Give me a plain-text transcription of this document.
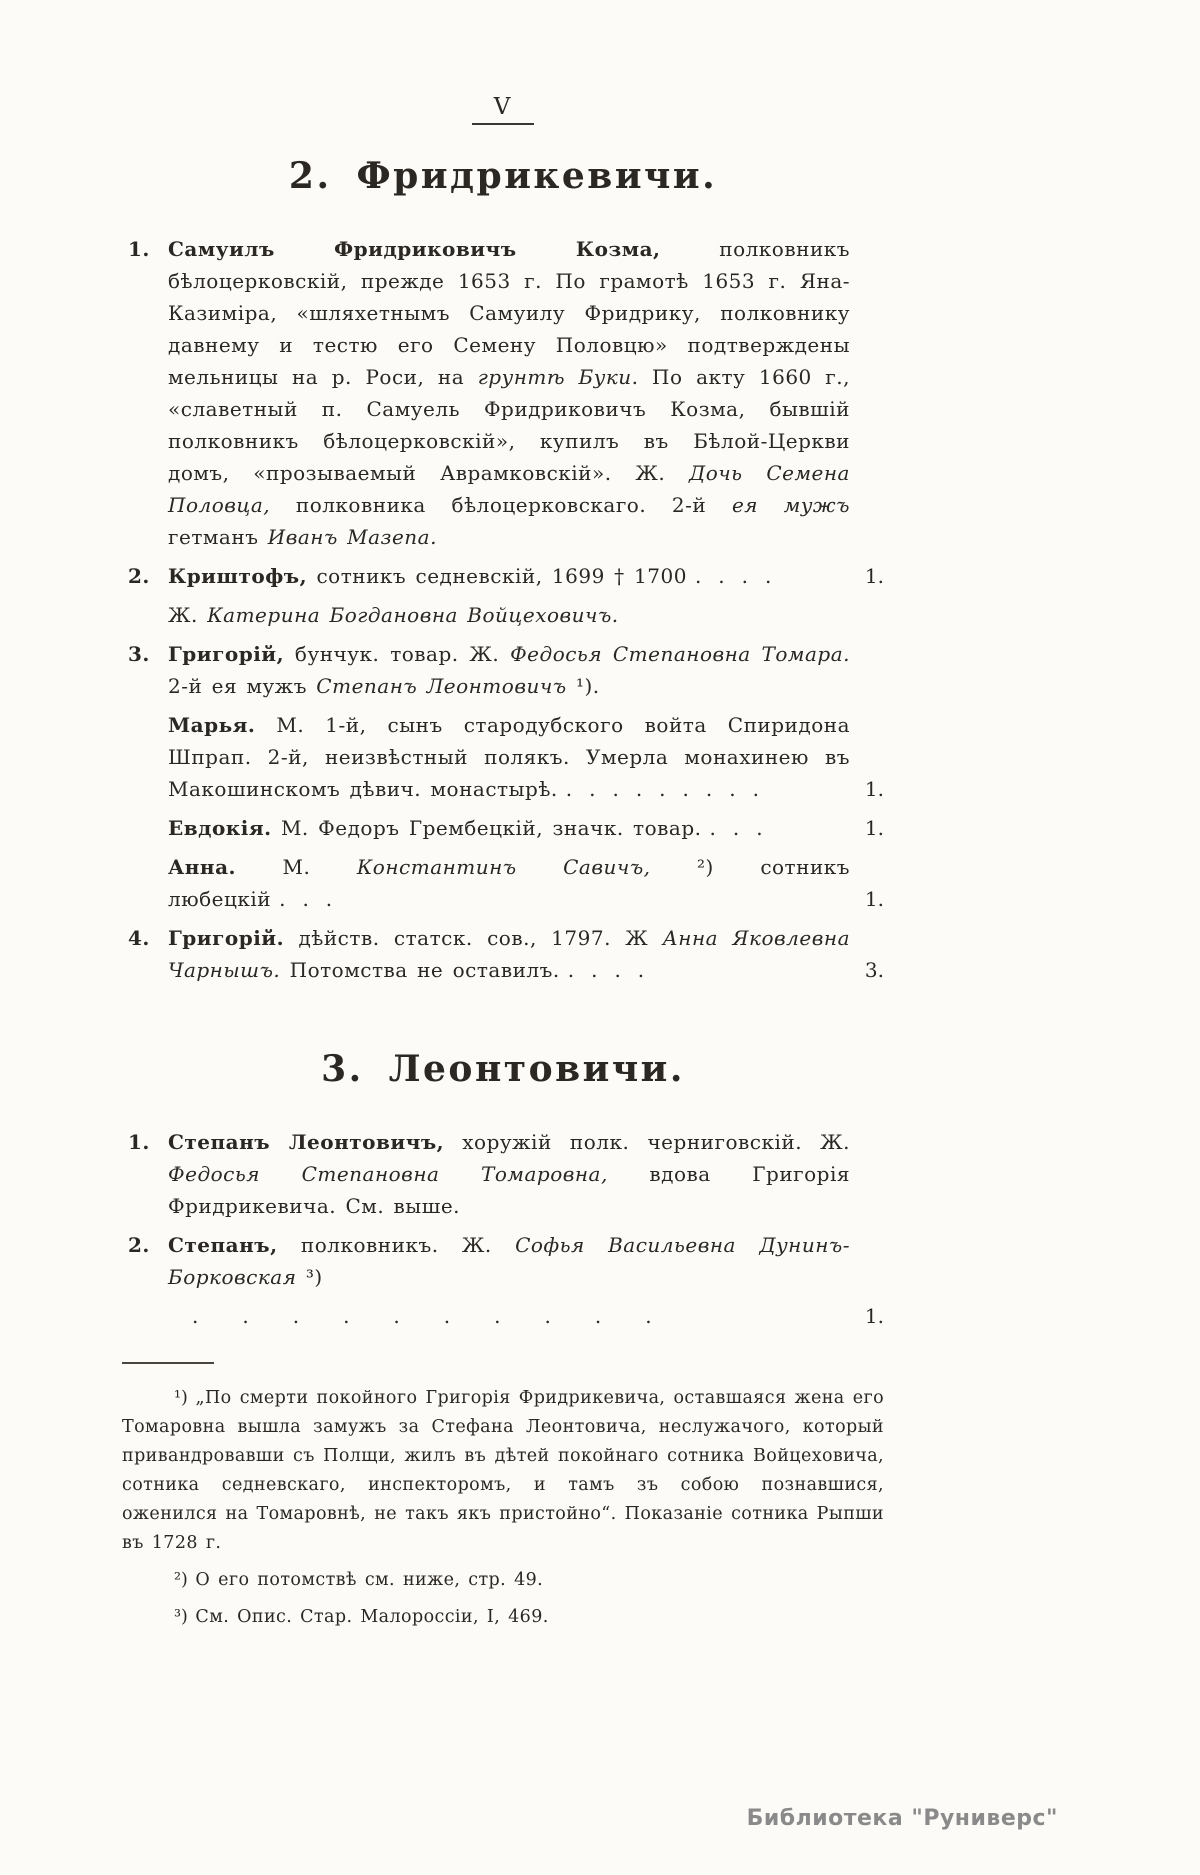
V
2. Фридрикевичи.
1. Самуилъ Фридриковичъ Козма, полковникъ бѣлоцерковскій, прежде 1653 г. По грамотѣ 1653 г. Яна-Казиміра, «шляхетнымъ Самуилу Фридрику, полковнику давнему и тестю его Семену Половцю» подтверждены мельницы на р. Роси, на грунтѣ Буки. По акту 1660 г., «славетный п. Самуель Фридриковичъ Козма, бывшій полковникъ бѣлоцерковскій», купилъ въ Бѣлой-Церкви домъ, «прозываемый Аврамковскій». Ж. Дочь Семена Половца, полковника бѣлоцерковскаго. 2-й ея мужъ гетманъ Иванъ Мазепа.
2. Криштофъ, сотникъ седневскій, 1699 † 1700 ....	1.
Ж. Катерина Богдановна Войцеховичъ.
3. Григорій, бунчук. товар. Ж. Федосья Степановна Томара. 2-й ея мужъ Степанъ Леонтовичъ ¹).
Марья. М. 1-й, сынъ стародубского войта Спиридона Шпрап. 2-й, неизвѣстный полякъ. Умерла монахинею въ Макошинскомъ дѣвич. монастырѣ. .........	1.
Евдокія. М. Федоръ Грембецкій, значк. товар. ...	1.
Анна. М. Константинъ Савичъ, ²) сотникъ любецкій ...	1.
4. Григорій. дѣйств. статск. сов., 1797. Ж Анна Яковлевна Чарнышъ. Потомства не оставилъ. ....	3.
3. Леонтовичи.
1. Степанъ Леонтовичъ, хоружій полк. черниговскій. Ж. Федосья Степановна Томаровна, вдова Григорія Фридрикевича. См. выше.
2. Степанъ, полковникъ. Ж. Софья Васильевна Дунинъ-Борковская ³)
..........	1.

¹) „По смерти покойного Григорія Фридрикевича, оставшаяся жена его Томаровна вышла замужъ за Стефана Леонтовича, неслужачого, который привандровавши съ Полщи, жилъ въ дѣтей покойнаго сотника Войцеховича, сотника седневскаго, инспекторомъ, и тамъ зъ собою познавшися, оженился на Томаровнѣ, не такъ якъ пристойно“. Показаніе сотника Рыпши въ 1728 г.

²) О его потомствѣ см. ниже, стр. 49.

³) См. Опис. Стар. Малороссіи, I, 469.

Библиотека "Руниверс"
